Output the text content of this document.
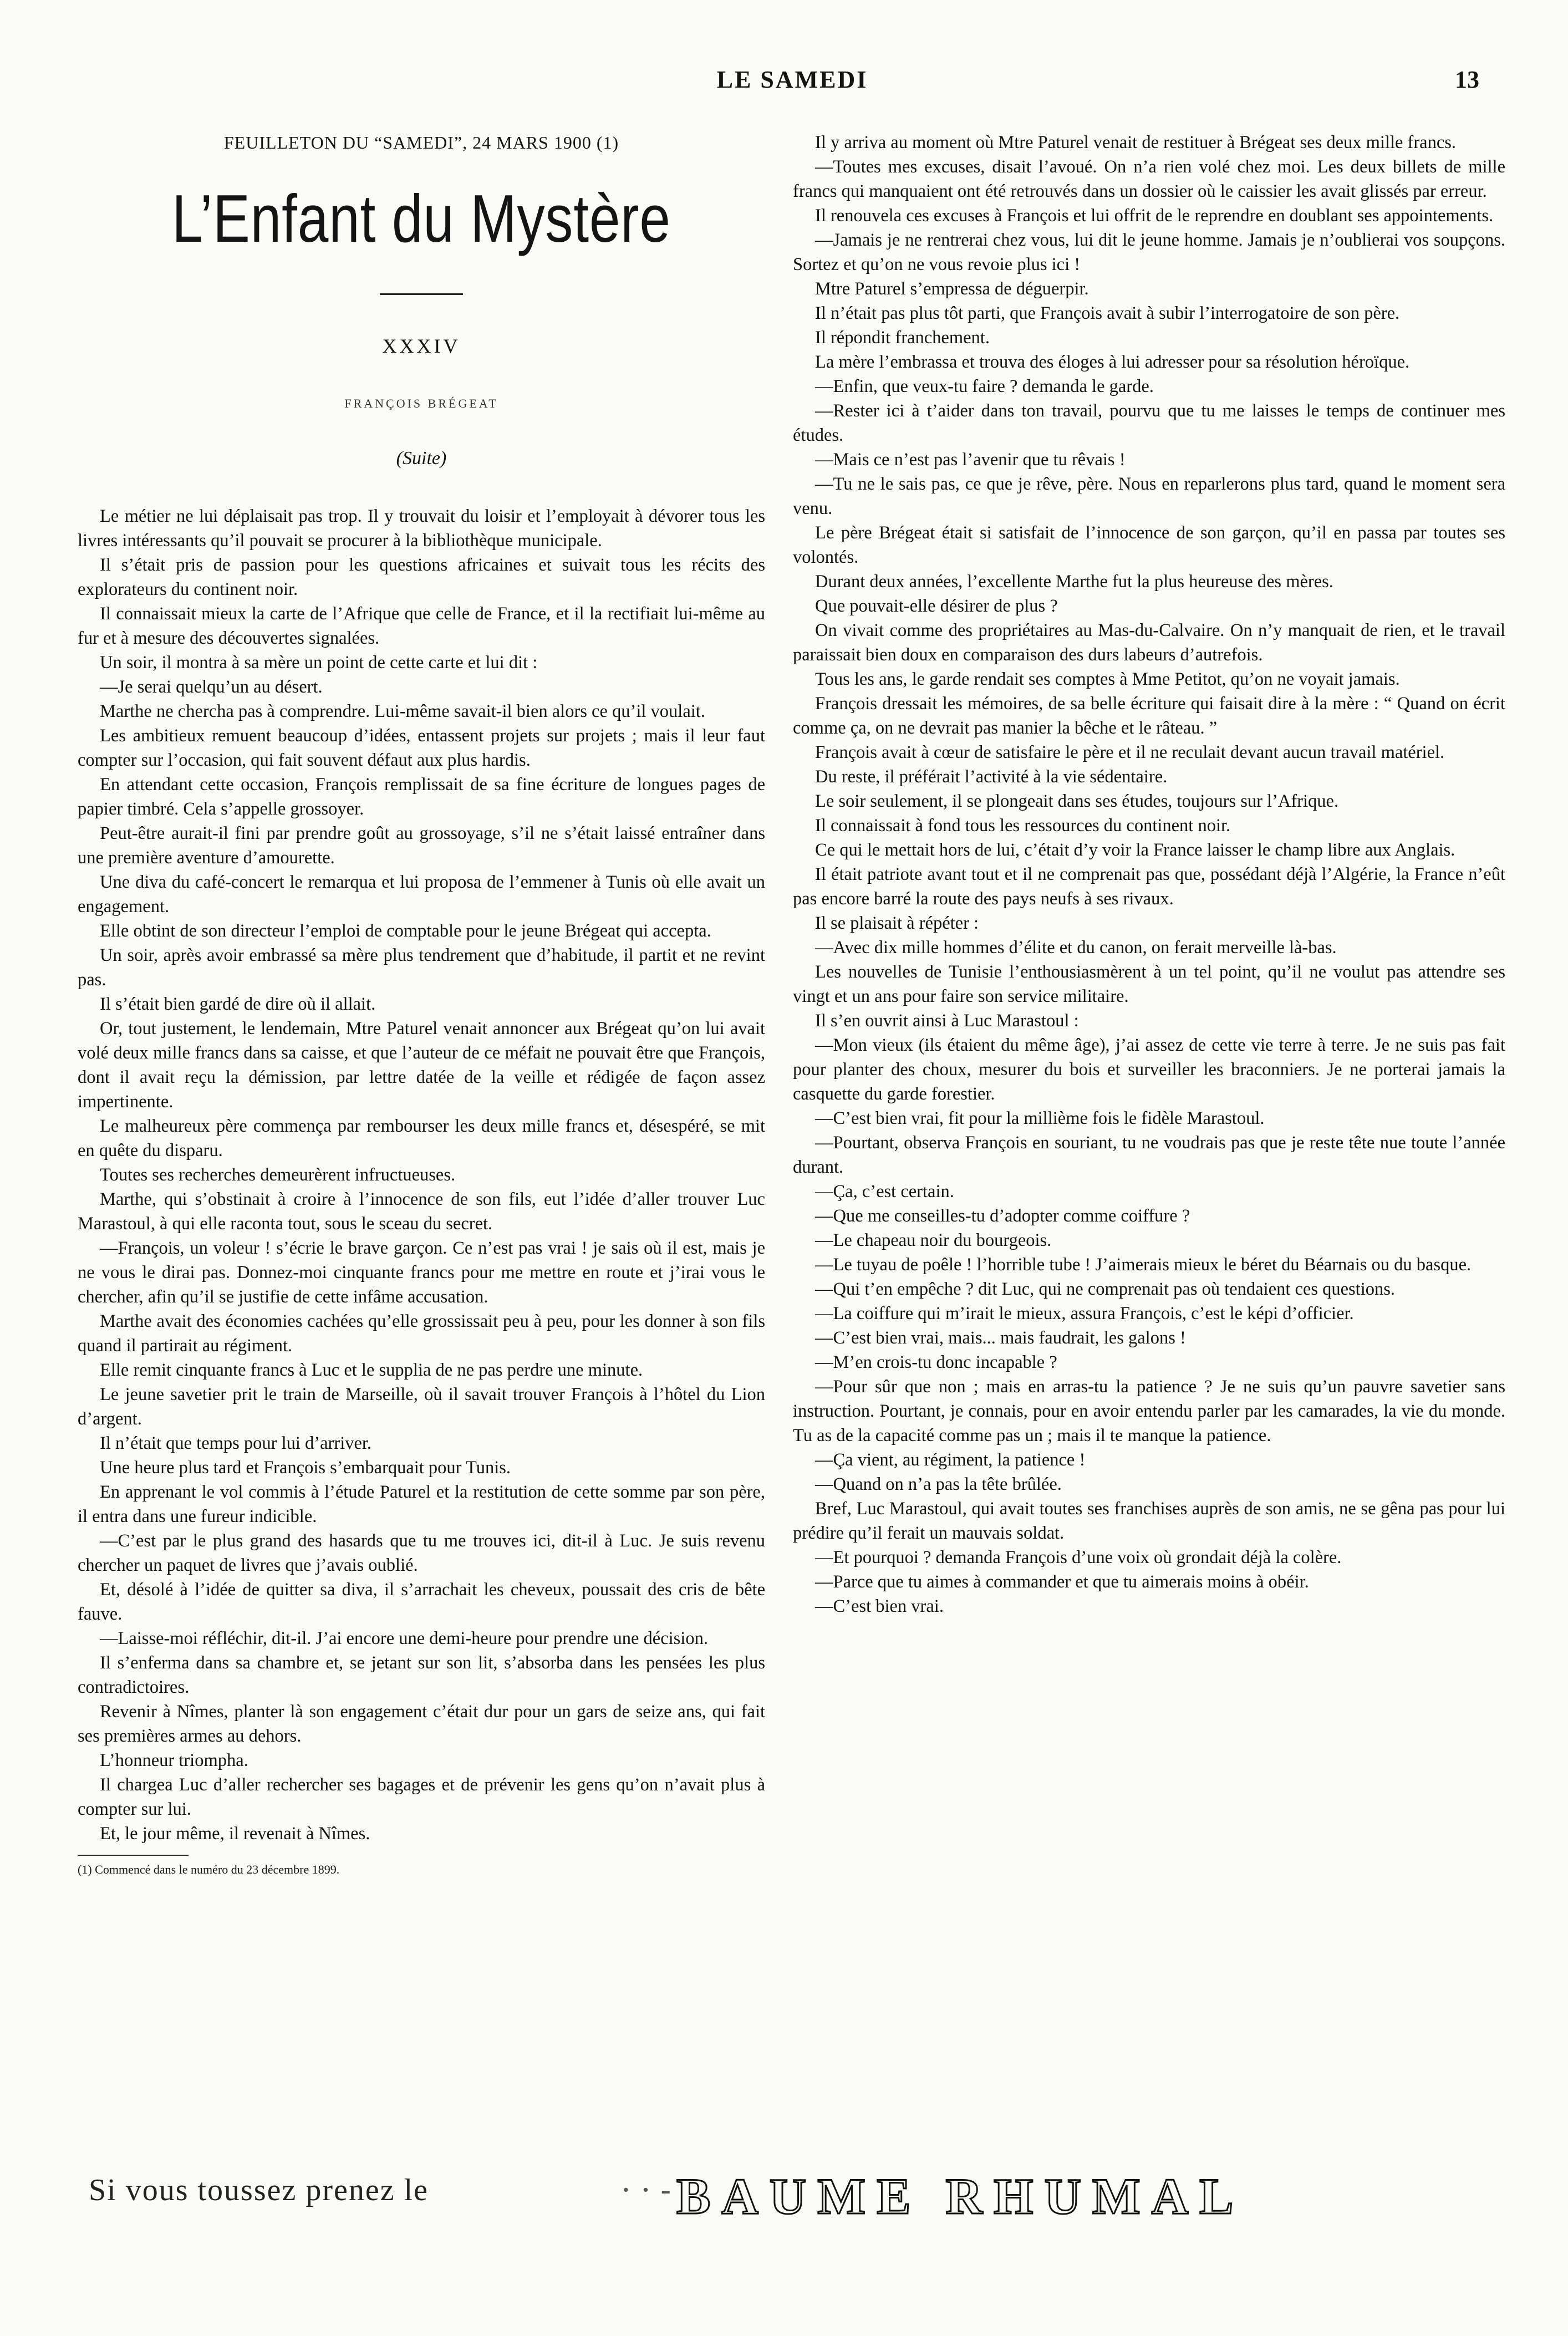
LE SAMEDI	13
FEUILLETON DU “SAMEDI”, 24 MARS 1900 (1)
L’Enfant du Mystère
XXXIV
FRANÇOIS BRÉGEAT
(Suite)

Le métier ne lui déplaisait pas trop. Il y trouvait du loisir et l’employait à dévorer tous les livres intéressants qu’il pouvait se procurer à la bibliothèque municipale.

Il s’était pris de passion pour les questions africaines et suivait tous les récits des explorateurs du continent noir.

Il connaissait mieux la carte de l’Afrique que celle de France, et il la rectifiait lui-même au fur et à mesure des découvertes signalées.

Un soir, il montra à sa mère un point de cette carte et lui dit :

—Je serai quelqu’un au désert.

Marthe ne chercha pas à comprendre. Lui-même savait-il bien alors ce qu’il voulait.

Les ambitieux remuent beaucoup d’idées, entassent projets sur projets ; mais il leur faut compter sur l’occasion, qui fait souvent défaut aux plus hardis.

En attendant cette occasion, François remplissait de sa fine écriture de longues pages de papier timbré. Cela s’appelle grossoyer.

Peut-être aurait-il fini par prendre goût au grossoyage, s’il ne s’était laissé entraîner dans une première aventure d’amourette.

Une diva du café-concert le remarqua et lui proposa de l’emmener à Tunis où elle avait un engagement.

Elle obtint de son directeur l’emploi de comptable pour le jeune Brégeat qui accepta.

Un soir, après avoir embrassé sa mère plus tendrement que d’habitude, il partit et ne revint pas.

Il s’était bien gardé de dire où il allait.

Or, tout justement, le lendemain, Mtre Paturel venait annoncer aux Brégeat qu’on lui avait volé deux mille francs dans sa caisse, et que l’auteur de ce méfait ne pouvait être que François, dont il avait reçu la démission, par lettre datée de la veille et rédigée de façon assez impertinente.

Le malheureux père commença par rembourser les deux mille francs et, désespéré, se mit en quête du disparu.

Toutes ses recherches demeurèrent infructueuses.

Marthe, qui s’obstinait à croire à l’innocence de son fils, eut l’idée d’aller trouver Luc Marastoul, à qui elle raconta tout, sous le sceau du secret.

—François, un voleur ! s’écrie le brave garçon. Ce n’est pas vrai ! je sais où il est, mais je ne vous le dirai pas. Donnez-moi cinquante francs pour me mettre en route et j’irai vous le chercher, afin qu’il se justifie de cette infâme accusation.

Marthe avait des économies cachées qu’elle grossissait peu à peu, pour les donner à son fils quand il partirait au régiment.

Elle remit cinquante francs à Luc et le supplia de ne pas perdre une minute.

Le jeune savetier prit le train de Marseille, où il savait trouver François à l’hôtel du Lion d’argent.

Il n’était que temps pour lui d’arriver.

Une heure plus tard et François s’embarquait pour Tunis.

En apprenant le vol commis à l’étude Paturel et la restitution de cette somme par son père, il entra dans une fureur indicible.

—C’est par le plus grand des hasards que tu me trouves ici, dit-il à Luc. Je suis revenu chercher un paquet de livres que j’avais oublié.

Et, désolé à l’idée de quitter sa diva, il s’arrachait les cheveux, poussait des cris de bête fauve.

—Laisse-moi réfléchir, dit-il. J’ai encore une demi-heure pour prendre une décision.

Il s’enferma dans sa chambre et, se jetant sur son lit, s’absorba dans les pensées les plus contradictoires.

Revenir à Nîmes, planter là son engagement c’était dur pour un gars de seize ans, qui fait ses premières armes au dehors.

L’honneur triompha.

Il chargea Luc d’aller rechercher ses bagages et de prévenir les gens qu’on n’avait plus à compter sur lui.

Et, le jour même, il revenait à Nîmes.

(1) Commencé dans le numéro du 23 décembre 1899.

Il y arriva au moment où Mtre Paturel venait de restituer à Brégeat ses deux mille francs.

—Toutes mes excuses, disait l’avoué. On n’a rien volé chez moi. Les deux billets de mille francs qui manquaient ont été retrouvés dans un dossier où le caissier les avait glissés par erreur.

Il renouvela ces excuses à François et lui offrit de le reprendre en doublant ses appointements.

—Jamais je ne rentrerai chez vous, lui dit le jeune homme. Jamais je n’oublierai vos soupçons. Sortez et qu’on ne vous revoie plus ici !

Mtre Paturel s’empressa de déguerpir.

Il n’était pas plus tôt parti, que François avait à subir l’interrogatoire de son père.

Il répondit franchement.

La mère l’embrassa et trouva des éloges à lui adresser pour sa résolution héroïque.

—Enfin, que veux-tu faire ? demanda le garde.

—Rester ici à t’aider dans ton travail, pourvu que tu me laisses le temps de continuer mes études.

—Mais ce n’est pas l’avenir que tu rêvais !

—Tu ne le sais pas, ce que je rêve, père. Nous en reparlerons plus tard, quand le moment sera venu.

Le père Brégeat était si satisfait de l’innocence de son garçon, qu’il en passa par toutes ses volontés.

Durant deux années, l’excellente Marthe fut la plus heureuse des mères.

Que pouvait-elle désirer de plus ?

On vivait comme des propriétaires au Mas-du-Calvaire. On n’y manquait de rien, et le travail paraissait bien doux en comparaison des durs labeurs d’autrefois.

Tous les ans, le garde rendait ses comptes à Mme Petitot, qu’on ne voyait jamais.

François dressait les mémoires, de sa belle écriture qui faisait dire à la mère : “ Quand on écrit comme ça, on ne devrait pas manier la bêche et le râteau. ”

François avait à cœur de satisfaire le père et il ne reculait devant aucun travail matériel.

Du reste, il préférait l’activité à la vie sédentaire.

Le soir seulement, il se plongeait dans ses études, toujours sur l’Afrique.

Il connaissait à fond tous les ressources du continent noir.

Ce qui le mettait hors de lui, c’était d’y voir la France laisser le champ libre aux Anglais.

Il était patriote avant tout et il ne comprenait pas que, possédant déjà l’Algérie, la France n’eût pas encore barré la route des pays neufs à ses rivaux.

Il se plaisait à répéter :

—Avec dix mille hommes d’élite et du canon, on ferait merveille là-bas.

Les nouvelles de Tunisie l’enthousiasmèrent à un tel point, qu’il ne voulut pas attendre ses vingt et un ans pour faire son service militaire.

Il s’en ouvrit ainsi à Luc Marastoul :

—Mon vieux (ils étaient du même âge), j’ai assez de cette vie terre à terre. Je ne suis pas fait pour planter des choux, mesurer du bois et surveiller les braconniers. Je ne porterai jamais la casquette du garde forestier.

—C’est bien vrai, fit pour la millième fois le fidèle Marastoul.

—Pourtant, observa François en souriant, tu ne voudrais pas que je reste tête nue toute l’année durant.

—Ça, c’est certain.

—Que me conseilles-tu d’adopter comme coiffure ?

—Le chapeau noir du bourgeois.

—Le tuyau de poêle ! l’horrible tube ! J’aimerais mieux le béret du Béarnais ou du basque.

—Qui t’en empêche ? dit Luc, qui ne comprenait pas où tendaient ces questions.

—La coiffure qui m’irait le mieux, assura François, c’est le képi d’officier.

—C’est bien vrai, mais... mais faudrait, les galons !

—M’en crois-tu donc incapable ?

—Pour sûr que non ; mais en arras-tu la patience ? Je ne suis qu’un pauvre savetier sans instruction. Pourtant, je connais, pour en avoir entendu parler par les camarades, la vie du monde. Tu as de la capacité comme pas un ; mais il te manque la patience.

—Ça vient, au régiment, la patience !

—Quand on n’a pas la tête brûlée.

Bref, Luc Marastoul, qui avait toutes ses franchises auprès de son amis, ne se gêna pas pour lui prédire qu’il ferait un mauvais soldat.

—Et pourquoi ? demanda François d’une voix où grondait déjà la colère.

—Parce que tu aimes à commander et que tu aimerais moins à obéir.

—C’est bien vrai.

Si vous toussez prenez le	· · - BAUME RHUMAL
